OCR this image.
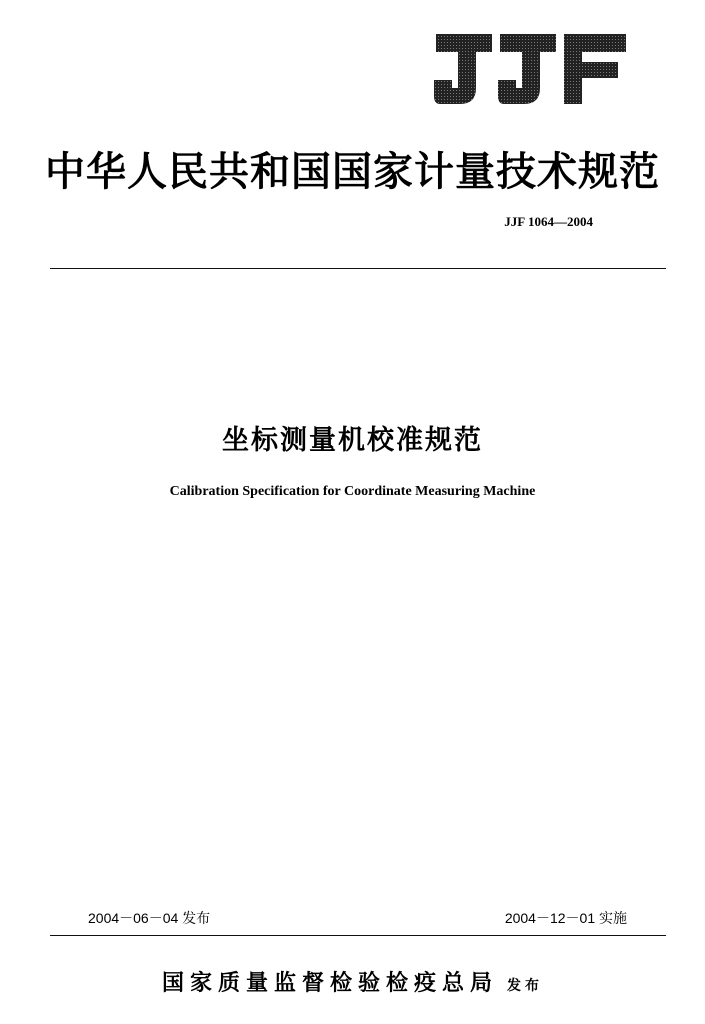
中华人民共和国国家计量技术规范
JJF 1064—2004
坐标测量机校准规范
Calibration Specification for Coordinate Measuring Machine
2004－06－04 发布	2004－12－01 实施
国家质量监督检验检疫总局 发布
